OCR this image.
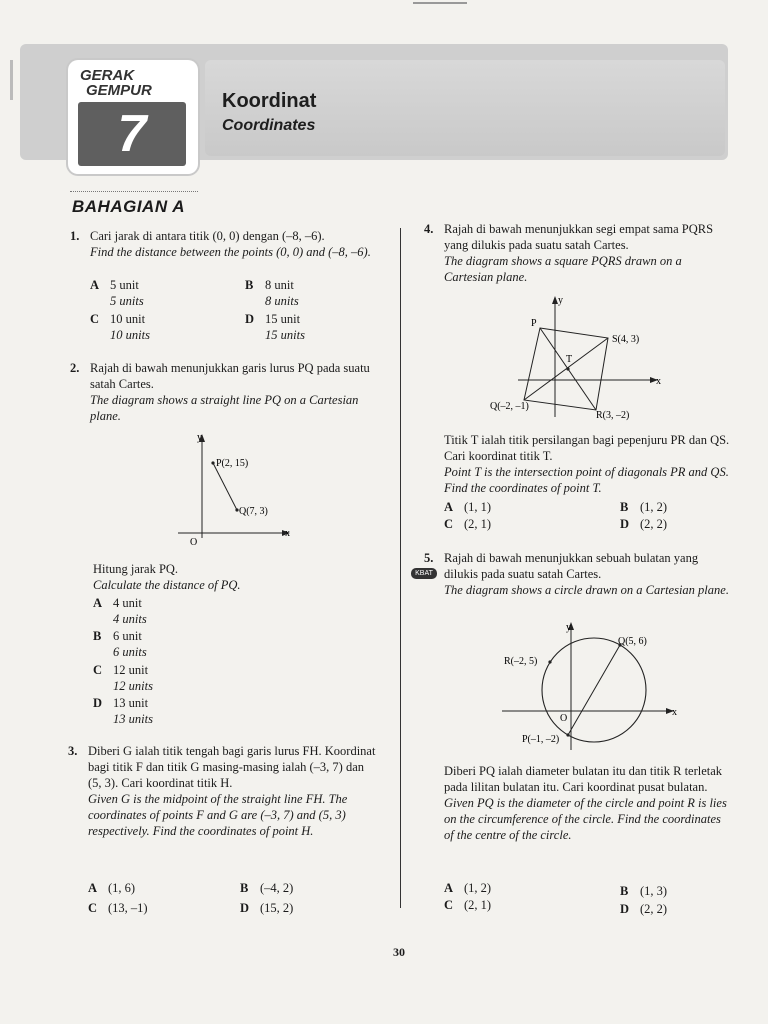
GERAK
GEMPUR
7
Koordinat
Coordinates
BAHAGIAN A
1. Cari jarak di antara titik (0, 0) dengan (–8, –6).

Find the distance between the points (0, 0) and (–8, –6).

A 5 unit
5 units
B 8 unit
8 units
C 10 unit
10 units
D 15 unit
15 units
2. Rajah di bawah menunjukkan garis lurus PQ pada suatu satah Cartes.

The diagram shows a straight line PQ on a Cartesian plane.

y
x
O
P(2, 15)
Q(7, 3)

Hitung jarak PQ.

Calculate the distance of PQ.

A 4 unit
4 units
B 6 unit
6 units
C 12 unit
12 units
D 13 unit
13 units
3. Diberi G ialah titik tengah bagi garis lurus FH. Koordinat bagi titik F dan titik G masing-masing ialah (–3, 7) dan (5, 3). Cari koordinat titik H.

Given G is the midpoint of the straight line FH. The coordinates of points F and G are (–3, 7) and (5, 3) respectively. Find the coordinates of point H.

A (1, 6)	B (–4, 2)
C (13, –1)	D (15, 2)
4. Rajah di bawah menunjukkan segi empat sama PQRS yang dilukis pada suatu satah Cartes.

The diagram shows a square PQRS drawn on a Cartesian plane.

y
x
P
S(4, 3)
T
Q(–2, –1)
R(3, –2)

Titik T ialah titik persilangan bagi pepenjuru PR dan QS. Cari koordinat titik T.

Point T is the intersection point of diagonals PR and QS. Find the coordinates of point T.

A (1, 1)	B (1, 2)
C (2, 1)	D (2, 2)
KBAT
5. Rajah di bawah menunjukkan sebuah bulatan yang dilukis pada suatu satah Cartes.

The diagram shows a circle drawn on a Cartesian plane.

y
x
O
Q(5, 6)
R(–2, 5)
P(–1, –2)

Diberi PQ ialah diameter bulatan itu dan titik R terletak pada lilitan bulatan itu. Cari koordinat pusat bulatan.

Given PQ is the diameter of the circle and point R is lies on the circumference of the circle. Find the coordinates of the centre of the circle.

A (1, 2)	B (1, 3)
C (2, 1)	D (2, 2)
30
